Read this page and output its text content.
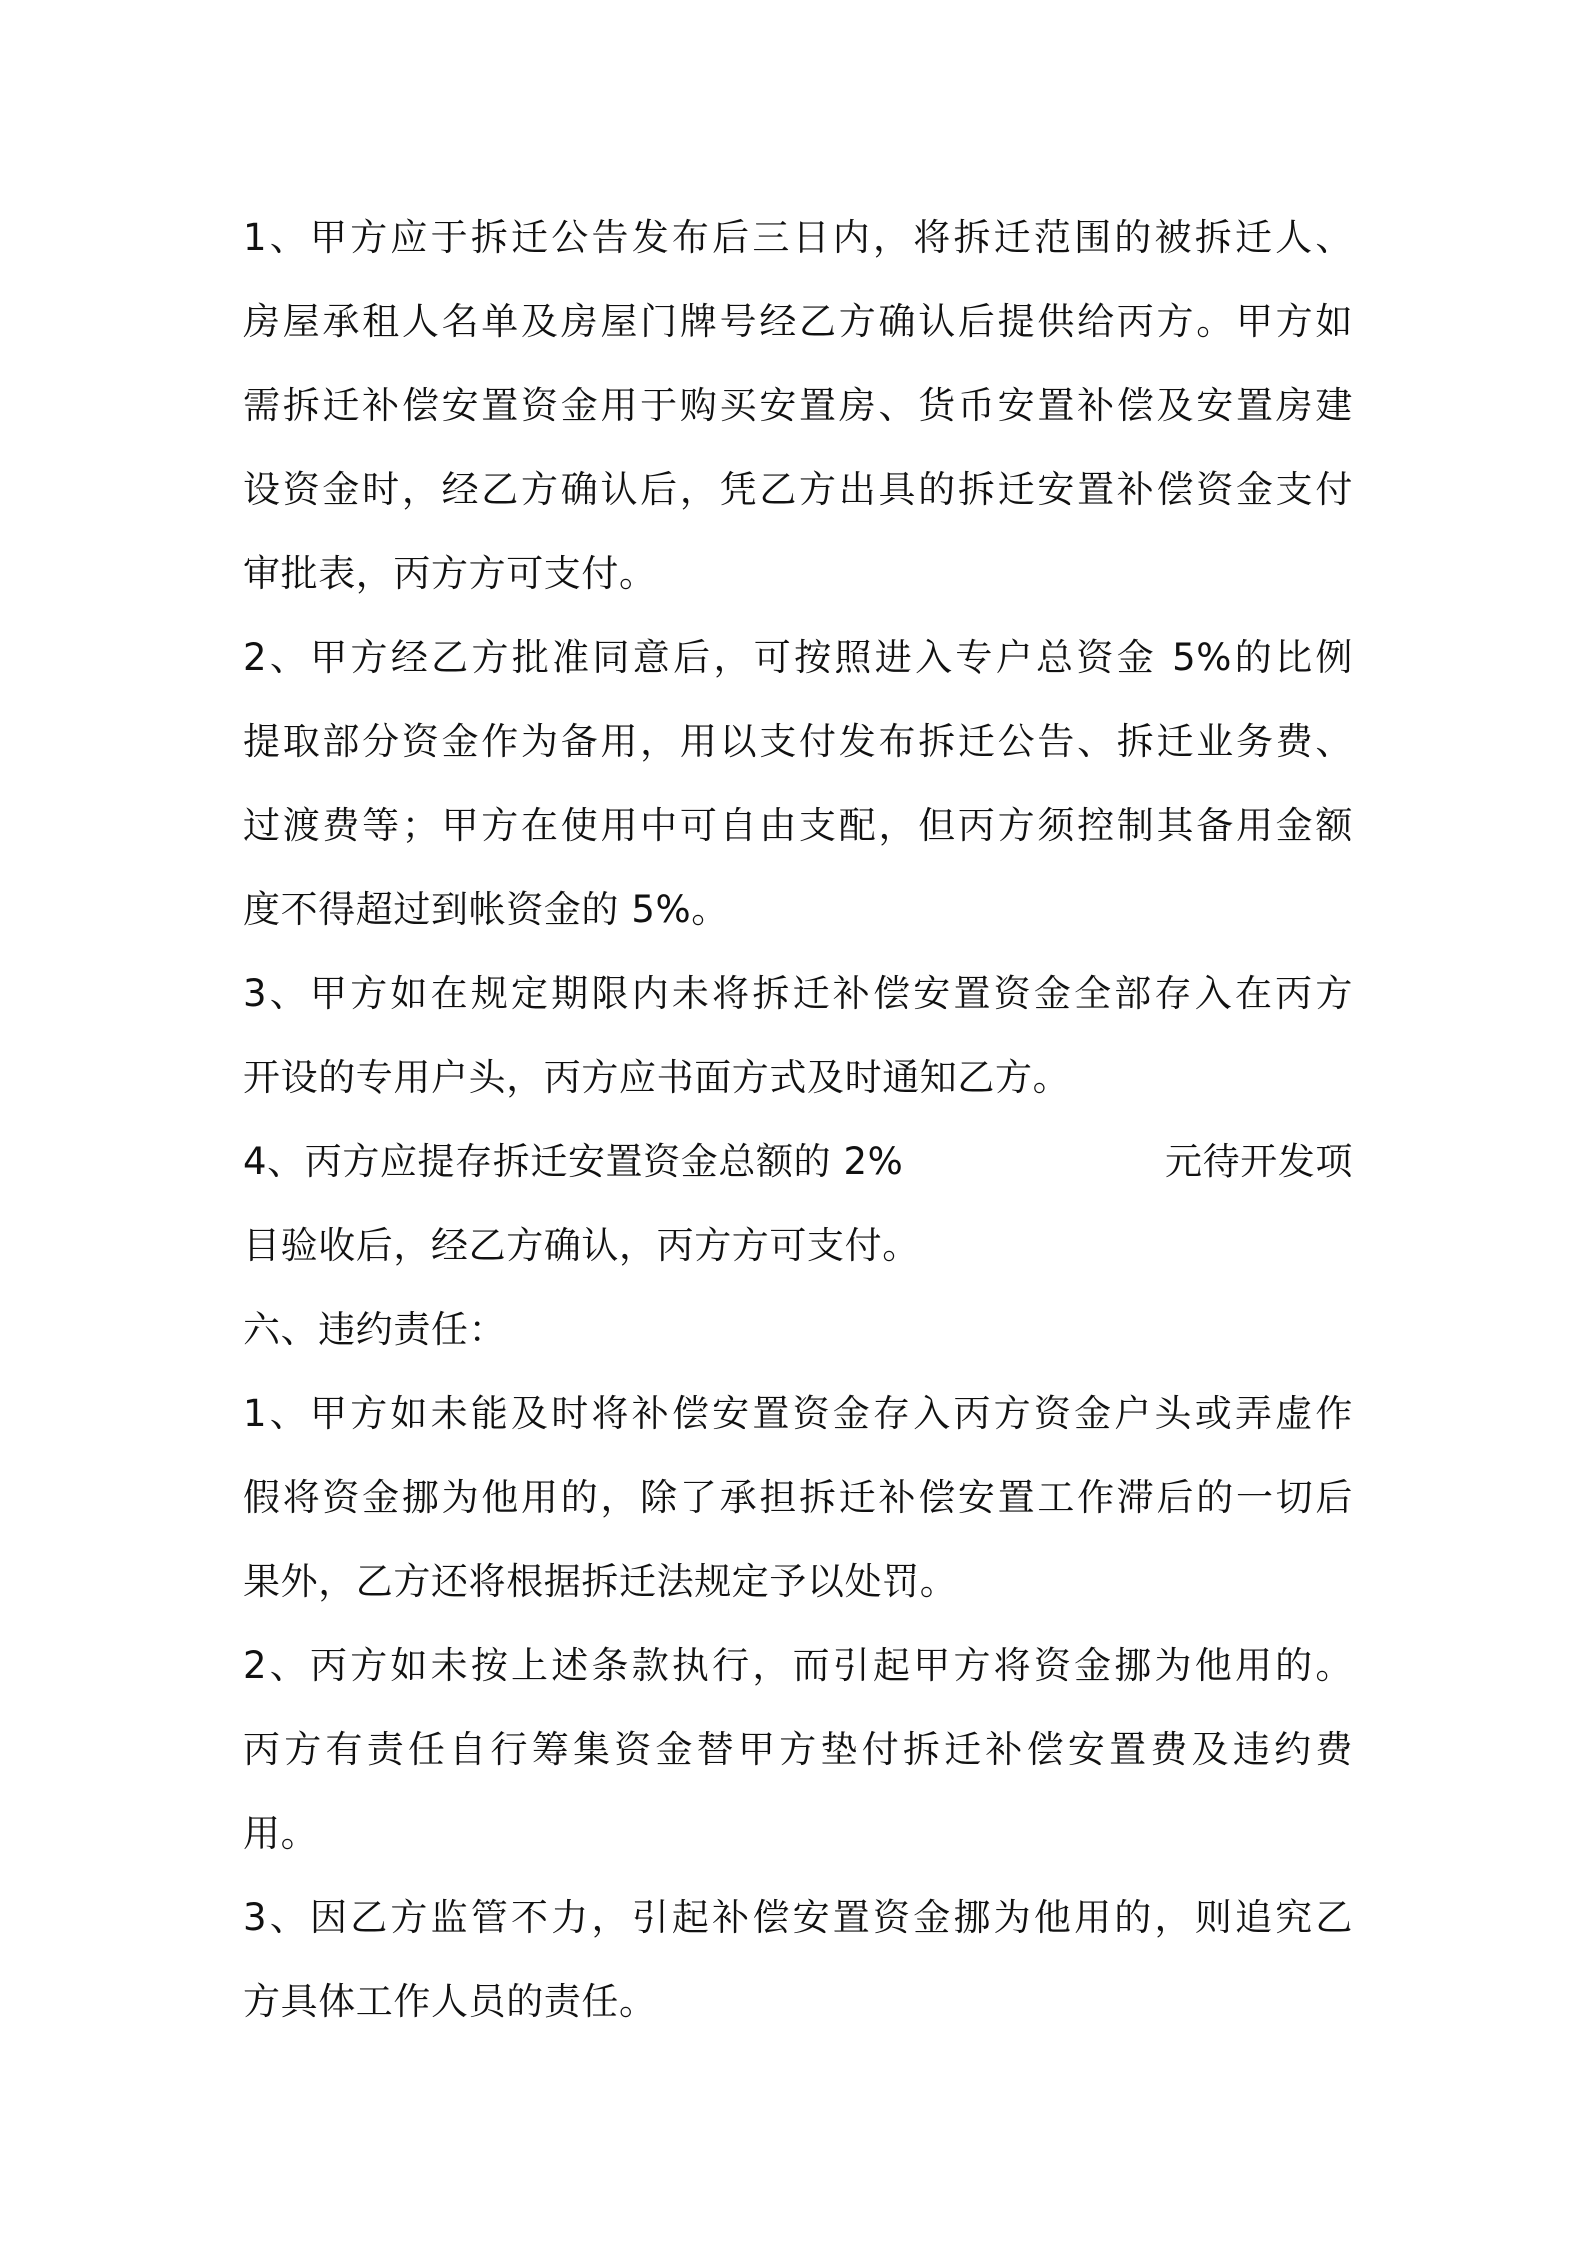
1、甲方应于拆迁公告发布后三日内，将拆迁范围的被拆迁人、
房屋承租人名单及房屋门牌号经乙方确认后提供给丙方。甲方如
需拆迁补偿安置资金用于购买安置房、货币安置补偿及安置房建
设资金时，经乙方确认后，凭乙方出具的拆迁安置补偿资金支付
审批表，丙方方可支付。
2、甲方经乙方批准同意后，可按照进入专户总资金 5%的比例
提取部分资金作为备用，用以支付发布拆迁公告、拆迁业务费、
过渡费等；甲方在使用中可自由支配，但丙方须控制其备用金额
度不得超过到帐资金的 5%。
3、甲方如在规定期限内未将拆迁补偿安置资金全部存入在丙方
开设的专用户头，丙方应书面方式及时通知乙方。
4、丙方应提存拆迁安置资金总额的 2%	元待开发项
目验收后，经乙方确认，丙方方可支付。
六、违约责任：
1、甲方如未能及时将补偿安置资金存入丙方资金户头或弄虚作
假将资金挪为他用的，除了承担拆迁补偿安置工作滞后的一切后
果外，乙方还将根据拆迁法规定予以处罚。
2、丙方如未按上述条款执行，而引起甲方将资金挪为他用的。
丙方有责任自行筹集资金替甲方垫付拆迁补偿安置费及违约费
用。
3、因乙方监管不力，引起补偿安置资金挪为他用的，则追究乙
方具体工作人员的责任。
